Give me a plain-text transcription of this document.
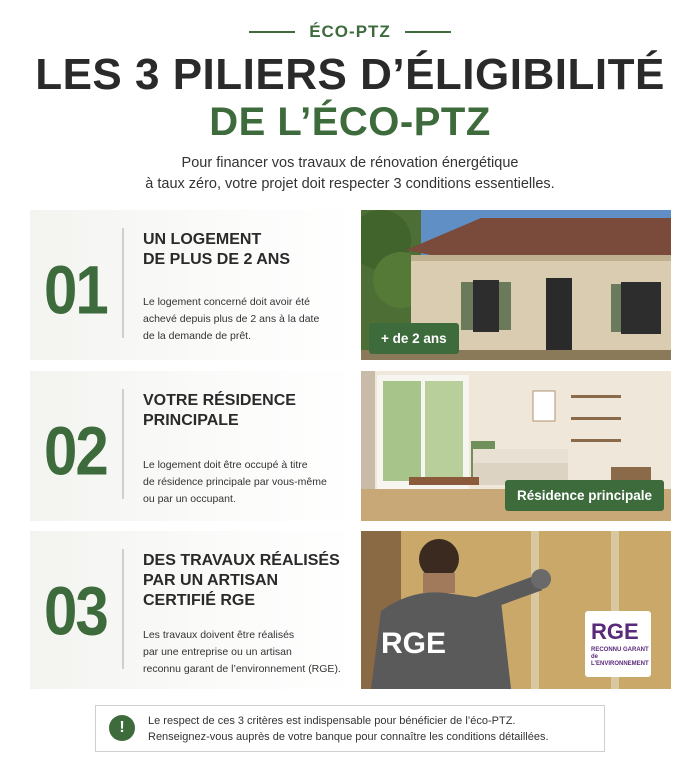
ÉCO-PTZ
LES 3 PILIERS D’ÉLIGIBILITÉ
DE L’ÉCO-PTZ
Pour financer vos travaux de rénovation énergétique
à taux zéro, votre projet doit respecter 3 conditions essentielles.
01
UN LOGEMENT
DE PLUS DE 2 ANS
Le logement concerné doit avoir été
achevé depuis plus de 2 ans à la date
de la demande de prêt.	+ de 2 ans
02
VOTRE RÉSIDENCE
PRINCIPALE
Le logement doit être occupé à titre
de résidence principale par vous-même
ou par un occupant.	Résidence principale
03
DES TRAVAUX RÉALISÉS
PAR UN ARTISAN
CERTIFIÉ RGE
Les travaux doivent être réalisés
par une entreprise ou un artisan
reconnu garant de l’environnement (RGE).
RGE	RGE
RECONNU GARANT de L’ENVIRONNEMENT
!	Le respect de ces 3 critères est indispensable pour bénéficier de l’éco-PTZ.
Renseignez-vous auprès de votre banque pour connaître les conditions détaillées.
